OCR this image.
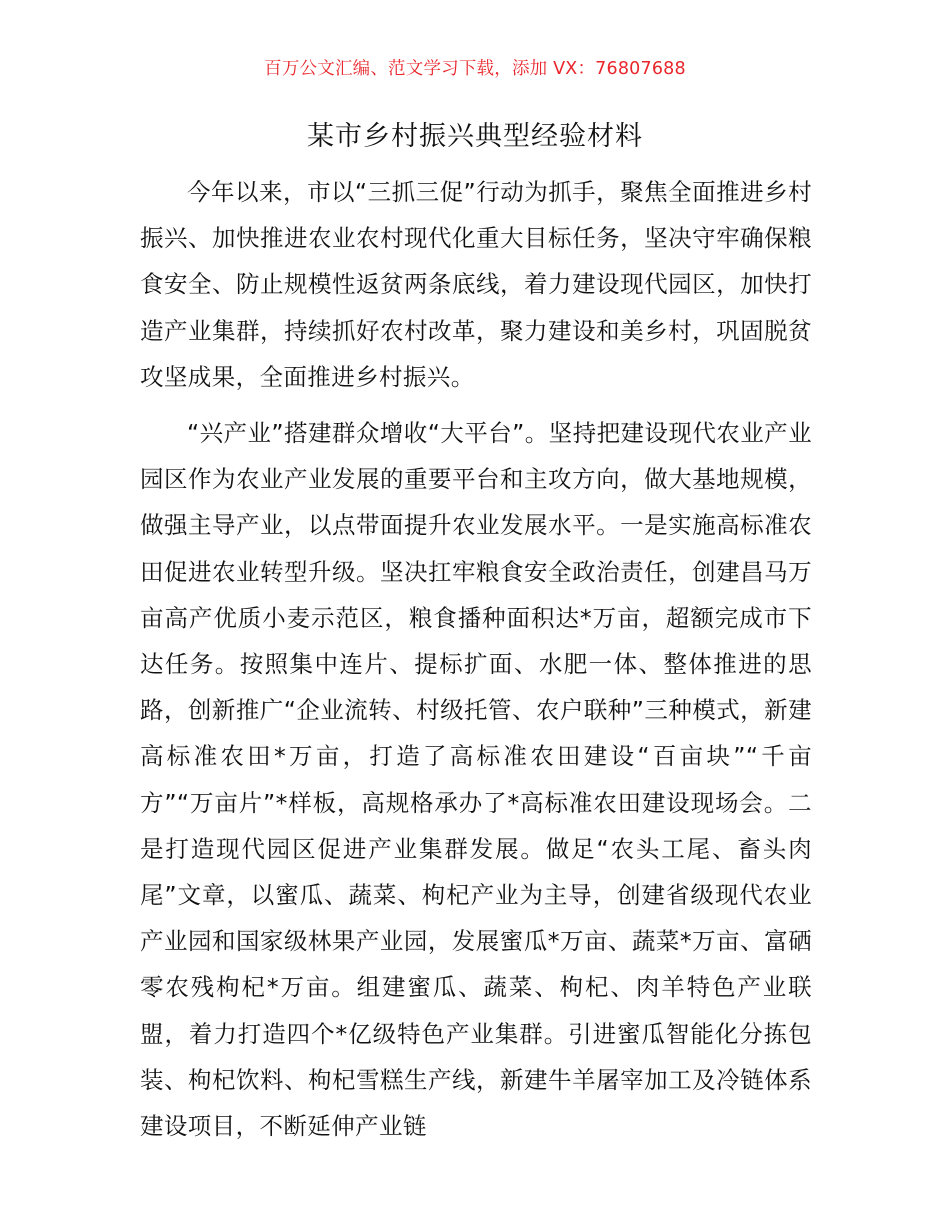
百万公文汇编、范文学习下载，添加 VX：76807688
某市乡村振兴典型经验材料

今年以来，市以“三抓三促”行动为抓手，聚焦全面推进乡村振兴、加快推进农业农村现代化重大目标任务，坚决守牢确保粮食安全、防止规模性返贫两条底线，着力建设现代园区，加快打造产业集群，持续抓好农村改革，聚力建设和美乡村，巩固脱贫攻坚成果，全面推进乡村振兴。

“兴产业”搭建群众增收“大平台”。坚持把建设现代农业产业园区作为农业产业发展的重要平台和主攻方向，做大基地规模，做强主导产业，以点带面提升农业发展水平。一是实施高标准农田促进农业转型升级。坚决扛牢粮食安全政治责任，创建昌马万亩高产优质小麦示范区，粮食播种面积达*万亩，超额完成市下达任务。按照集中连片、提标扩面、水肥一体、整体推进的思路，创新推广“企业流转、村级托管、农户联种”三种模式，新建高标准农田*万亩，打造了高标准农田建设“百亩块”“千亩方”“万亩片”*样板，高规格承办了*高标准农田建设现场会。二是打造现代园区促进产业集群发展。做足“农头工尾、畜头肉尾”文章，以蜜瓜、蔬菜、枸杞产业为主导，创建省级现代农业产业园和国家级林果产业园，发展蜜瓜*万亩、蔬菜*万亩、富硒零农残枸杞*万亩。组建蜜瓜、蔬菜、枸杞、肉羊特色产业联盟，着力打造四个*亿级特色产业集群。引进蜜瓜智能化分拣包装、枸杞饮料、枸杞雪糕生产线，新建牛羊屠宰加工及冷链体系建设项目，不断延伸产业链
